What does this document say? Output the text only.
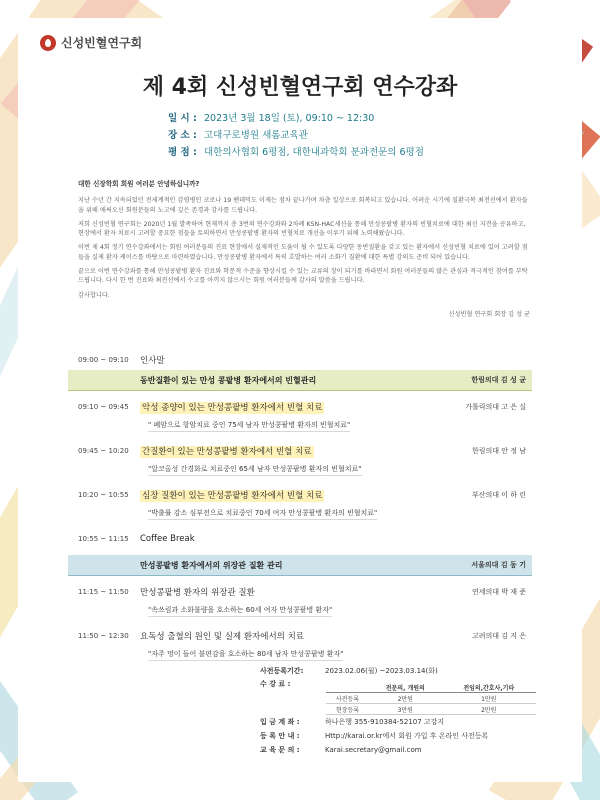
신성빈혈연구회
제 4회 신성빈혈연구회 연수강좌
일 시 : 2023년 3월 18일 (토), 09:10 ~ 12:30
장 소 : 고대구로병원 새롬교육관
평 점 : 대한의사협회 6평점, 대한내과학회 분과전문의 6평점

대한 신장학회 회원 여러분 안녕하십니까?

지난 수년 간 지속되었던 전세계적인 감염병인 코로나 19 팬데믹도 이제는 점차 끝나가며 차츰 일상으로 회복되고 있습니다. 어려운 시기에 질환극복 최전선에서 환자들을 위해 애써오신 회원분들의 노고에 깊은 존경과 감사를 드립니다.

저희 신성빈혈 연구회는 2020년 1월 발족하여 현재까지 총 3번의 연수강좌와 2차례 KSN-HAC세션을 통해 만성콩팥병 환자의 빈혈치료에 대한 최신 지견을 공유하고, 현장에서 환자 치료시 고려할 중요한 점들을 토의하면서 만성콩팥병 환자의 빈혈치료 개선을 이루기 위해 노력해왔습니다.

이번 제 4회 정기 연수강좌에서는 회원 여러분들의 진료 현장에서 실제적인 도움이 될 수 있도록 다양한 동반질환을 갖고 있는 환자에서 신성빈혈 치료에 있어 고려할 점들을 실제 환자 케이스를 바탕으로 마련하였습니다. 만성콩팥병 환자에서 특히 호발하는 여러 소화기 질환에 대한 특별 강의도 준비 되어 있습니다.

끝으로 이번 연수강좌를 통해 만성콩팥병 환자 진료와 학문적 수준을 향상시킬 수 있는 교류의 장이 되기를 바라면서 회원 여러분들의 많은 관심과 적극적인 참여를 부탁드립니다. 다시 한 번 진료와 최전선에서 수고를 아끼지 않으시는 회원 여러분들께 감사의 말씀을 드립니다.

감사합니다.

신성빈혈 연구회 회장 김 성 균

09:00 ~ 09:10	인사말
동반질환이 있는 만성 콩팥병 환자에서의 빈혈관리	한림의대 김 성 균
09:10 ~ 09:45	악성 종양이 있는 만성콩팥병 환자에서 빈혈 치료	가톨릭의대 고 은 실
" 폐암으로 항암치료 중인 75세 남자 만성콩팥병 환자의 빈혈치료"
09:45 ~ 10:20	간질환이 있는 만성콩팥병 환자에서 빈혈 치료	한림의대 안 정 남
"알코올성 간경화로 치료중인 65세 남자 만성콩팥병 환자의 빈혈치료"
10:20 ~ 10:55	심장 질환이 있는 만성콩팥병 환자에서 빈혈 치료	부산의대 이 하 린
"박출률 감소 심부전으로 치료중인 70세 여자 만성콩팥병 환자의 빈혈치료"
10:55 ~ 11:15	Coffee Break
만성콩팥병 환자에서의 위장관 질환 관리	서울의대 김 동 기
11:15 ~ 11:50	만성콩팥병 환자의 위장관 질환	연세의대 박 재 준
"속쓰림과 소화불량을 호소하는 60세 여자 만성콩팥병 환자"
11:50 ~ 12:30	요독성 출혈의 원인 및 실제 환자에서의 치료	고려의대 김 지 은
"자주 멍이 들어 불편감을 호소하는 80세 남자 만성콩팥병 환자"
사전등록기간:	2023.02.06(월) ~2023.03.14(화)
수 강 료 :
	전문의, 개원의	전임의,간호사,기타
사전등록	2만원	1만원
현장등록	3만원	2만원
입 금 계 좌 :	하나은행 355-910384-52107 고강지
등 록 안 내 :	Http://karai.or.kr에서 회원 가입 후 온라인 사전등록
교 육 문 의 :	Karai.secretary@gmail.com
